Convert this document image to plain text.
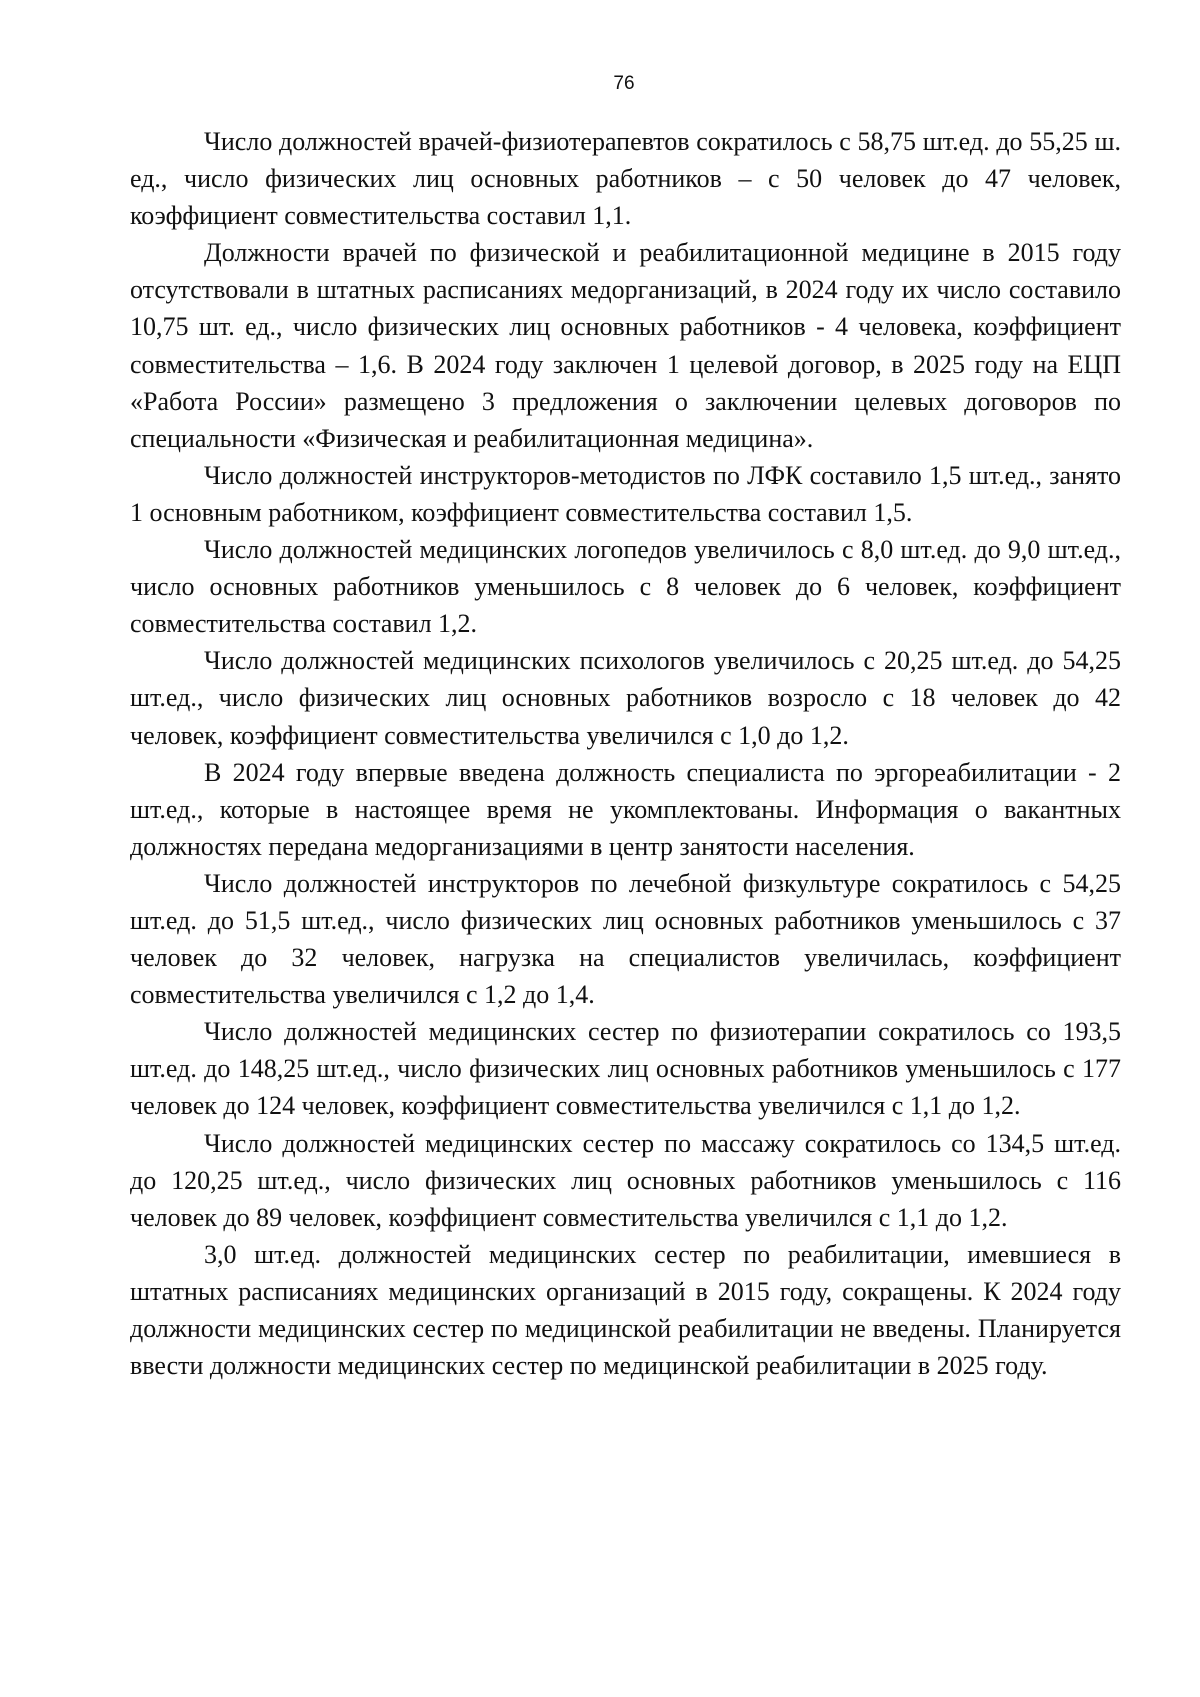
76

Число должностей врачей-физиотерапевтов сократилось с 58,75 шт.ед. до 55,25 ш. ед., число физических лиц основных работников – с 50 человек до 47 человек, коэффициент совместительства составил 1,1.

Должности врачей по физической и реабилитационной медицине в 2015 году отсутствовали в штатных расписаниях медорганизаций, в 2024 году их число составило 10,75 шт. ед., число физических лиц основных работников - 4 человека, коэффициент совместительства – 1,6. В 2024 году заключен 1 целевой договор, в 2025 году на ЕЦП «Работа России» размещено 3 предложения о заключении целевых договоров по специальности «Физическая и реабилитационная медицина».

Число должностей инструкторов-методистов по ЛФК составило 1,5 шт.ед., занято 1 основным работником, коэффициент совместительства составил 1,5.

Число должностей медицинских логопедов увеличилось с 8,0 шт.ед. до 9,0 шт.ед., число основных работников уменьшилось с 8 человек до 6 человек, коэффициент совместительства составил 1,2.

Число должностей медицинских психологов увеличилось с 20,25 шт.ед. до 54,25 шт.ед., число физических лиц основных работников возросло с 18 человек до 42 человек, коэффициент совместительства увеличился с 1,0 до 1,2.

В 2024 году впервые введена должность специалиста по эргореабилитации - 2 шт.ед., которые в настоящее время не укомплектованы. Информация о вакантных должностях передана медорганизациями в центр занятости населения.

Число должностей инструкторов по лечебной физкультуре сократилось с 54,25 шт.ед. до 51,5 шт.ед., число физических лиц основных работников уменьшилось с 37 человек до 32 человек, нагрузка на специалистов увеличилась, коэффициент совместительства увеличился с 1,2 до 1,4.

Число должностей медицинских сестер по физиотерапии сократилось со 193,5 шт.ед. до 148,25 шт.ед., число физических лиц основных работников уменьшилось с 177 человек до 124 человек, коэффициент совместительства увеличился с 1,1 до 1,2.

Число должностей медицинских сестер по массажу сократилось со 134,5 шт.ед. до 120,25 шт.ед., число физических лиц основных работников уменьшилось с 116 человек до 89 человек, коэффициент совместительства увеличился с 1,1 до 1,2.

3,0 шт.ед. должностей медицинских сестер по реабилитации, имевшиеся в штатных расписаниях медицинских организаций в 2015 году, сокращены. К 2024 году должности медицинских сестер по медицинской реабилитации не введены. Планируется ввести должности медицинских сестер по медицинской реабилитации в 2025 году.
